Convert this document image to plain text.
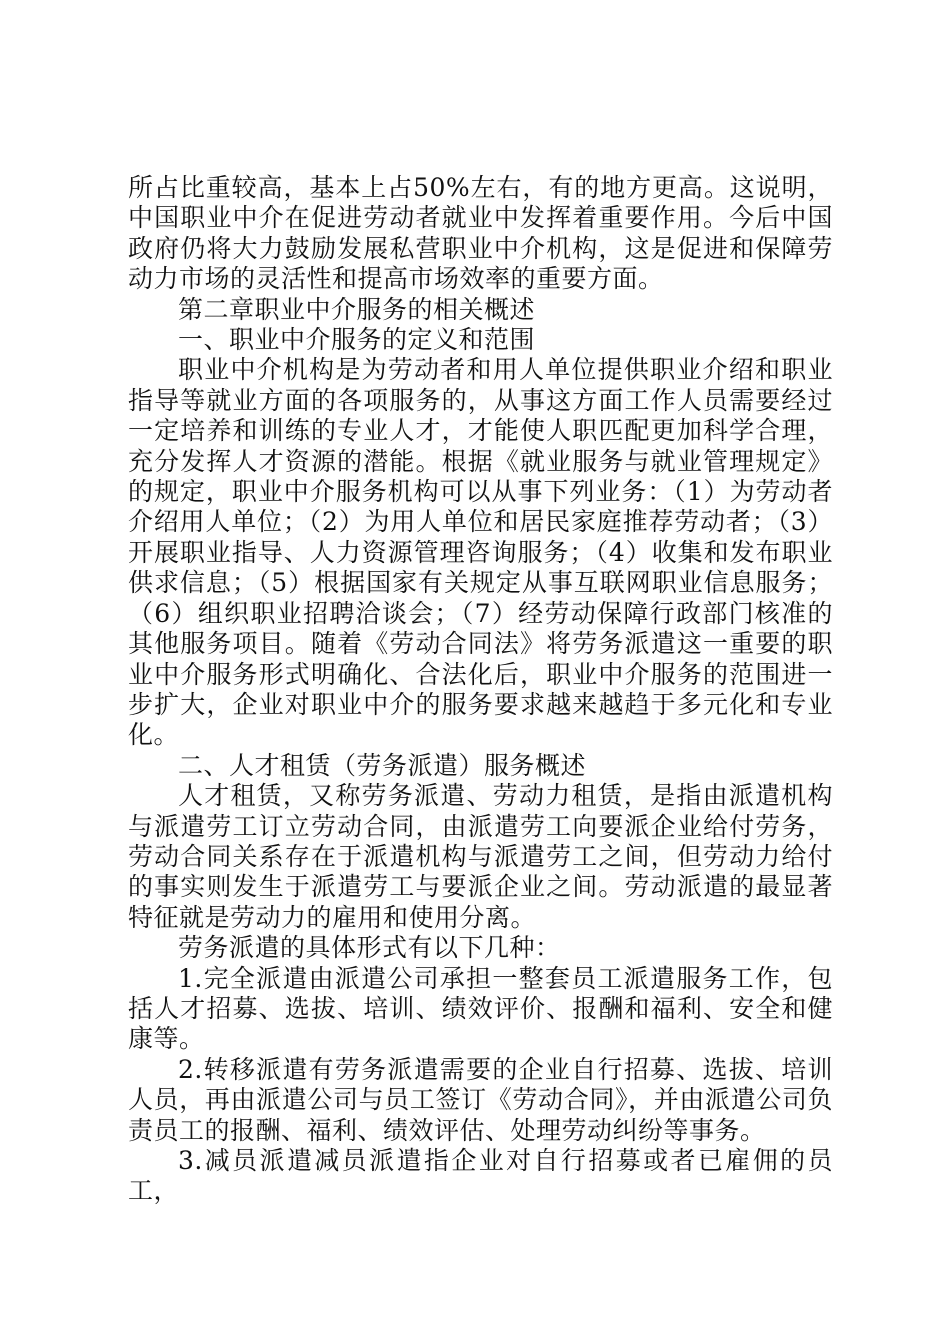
所占比重较高，基本上占50%左右，有的地方更高。这说明，中国职业中介在促进劳动者就业中发挥着重要作用。今后中国政府仍将大力鼓励发展私营职业中介机构，这是促进和保障劳动力市场的灵活性和提高市场效率的重要方面。

第二章职业中介服务的相关概述

一、职业中介服务的定义和范围

职业中介机构是为劳动者和用人单位提供职业介绍和职业指导等就业方面的各项服务的，从事这方面工作人员需要经过一定培养和训练的专业人才，才能使人职匹配更加科学合理，充分发挥人才资源的潜能。根据《就业服务与就业管理规定》的规定，职业中介服务机构可以从事下列业务：（1）为劳动者介绍用人单位；（2）为用人单位和居民家庭推荐劳动者；（3）开展职业指导、人力资源管理咨询服务；（4）收集和发布职业供求信息；（5）根据国家有关规定从事互联网职业信息服务；（6）组织职业招聘洽谈会；（7）经劳动保障行政部门核准的其他服务项目。随着《劳动合同法》将劳务派遣这一重要的职业中介服务形式明确化、合法化后，职业中介服务的范围进一步扩大，企业对职业中介的服务要求越来越趋于多元化和专业化。

二、人才租赁（劳务派遣）服务概述

人才租赁，又称劳务派遣、劳动力租赁，是指由派遣机构与派遣劳工订立劳动合同，由派遣劳工向要派企业给付劳务，劳动合同关系存在于派遣机构与派遣劳工之间，但劳动力给付的事实则发生于派遣劳工与要派企业之间。劳动派遣的最显著特征就是劳动力的雇用和使用分离。

劳务派遣的具体形式有以下几种：

1.完全派遣由派遣公司承担一整套员工派遣服务工作，包括人才招募、选拔、培训、绩效评价、报酬和福利、安全和健康等。

2.转移派遣有劳务派遣需要的企业自行招募、选拔、培训人员，再由派遣公司与员工签订《劳动合同》，并由派遣公司负责员工的报酬、福利、绩效评估、处理劳动纠纷等事务。

3.减员派遣减员派遣指企业对自行招募或者已雇佣的员工，
